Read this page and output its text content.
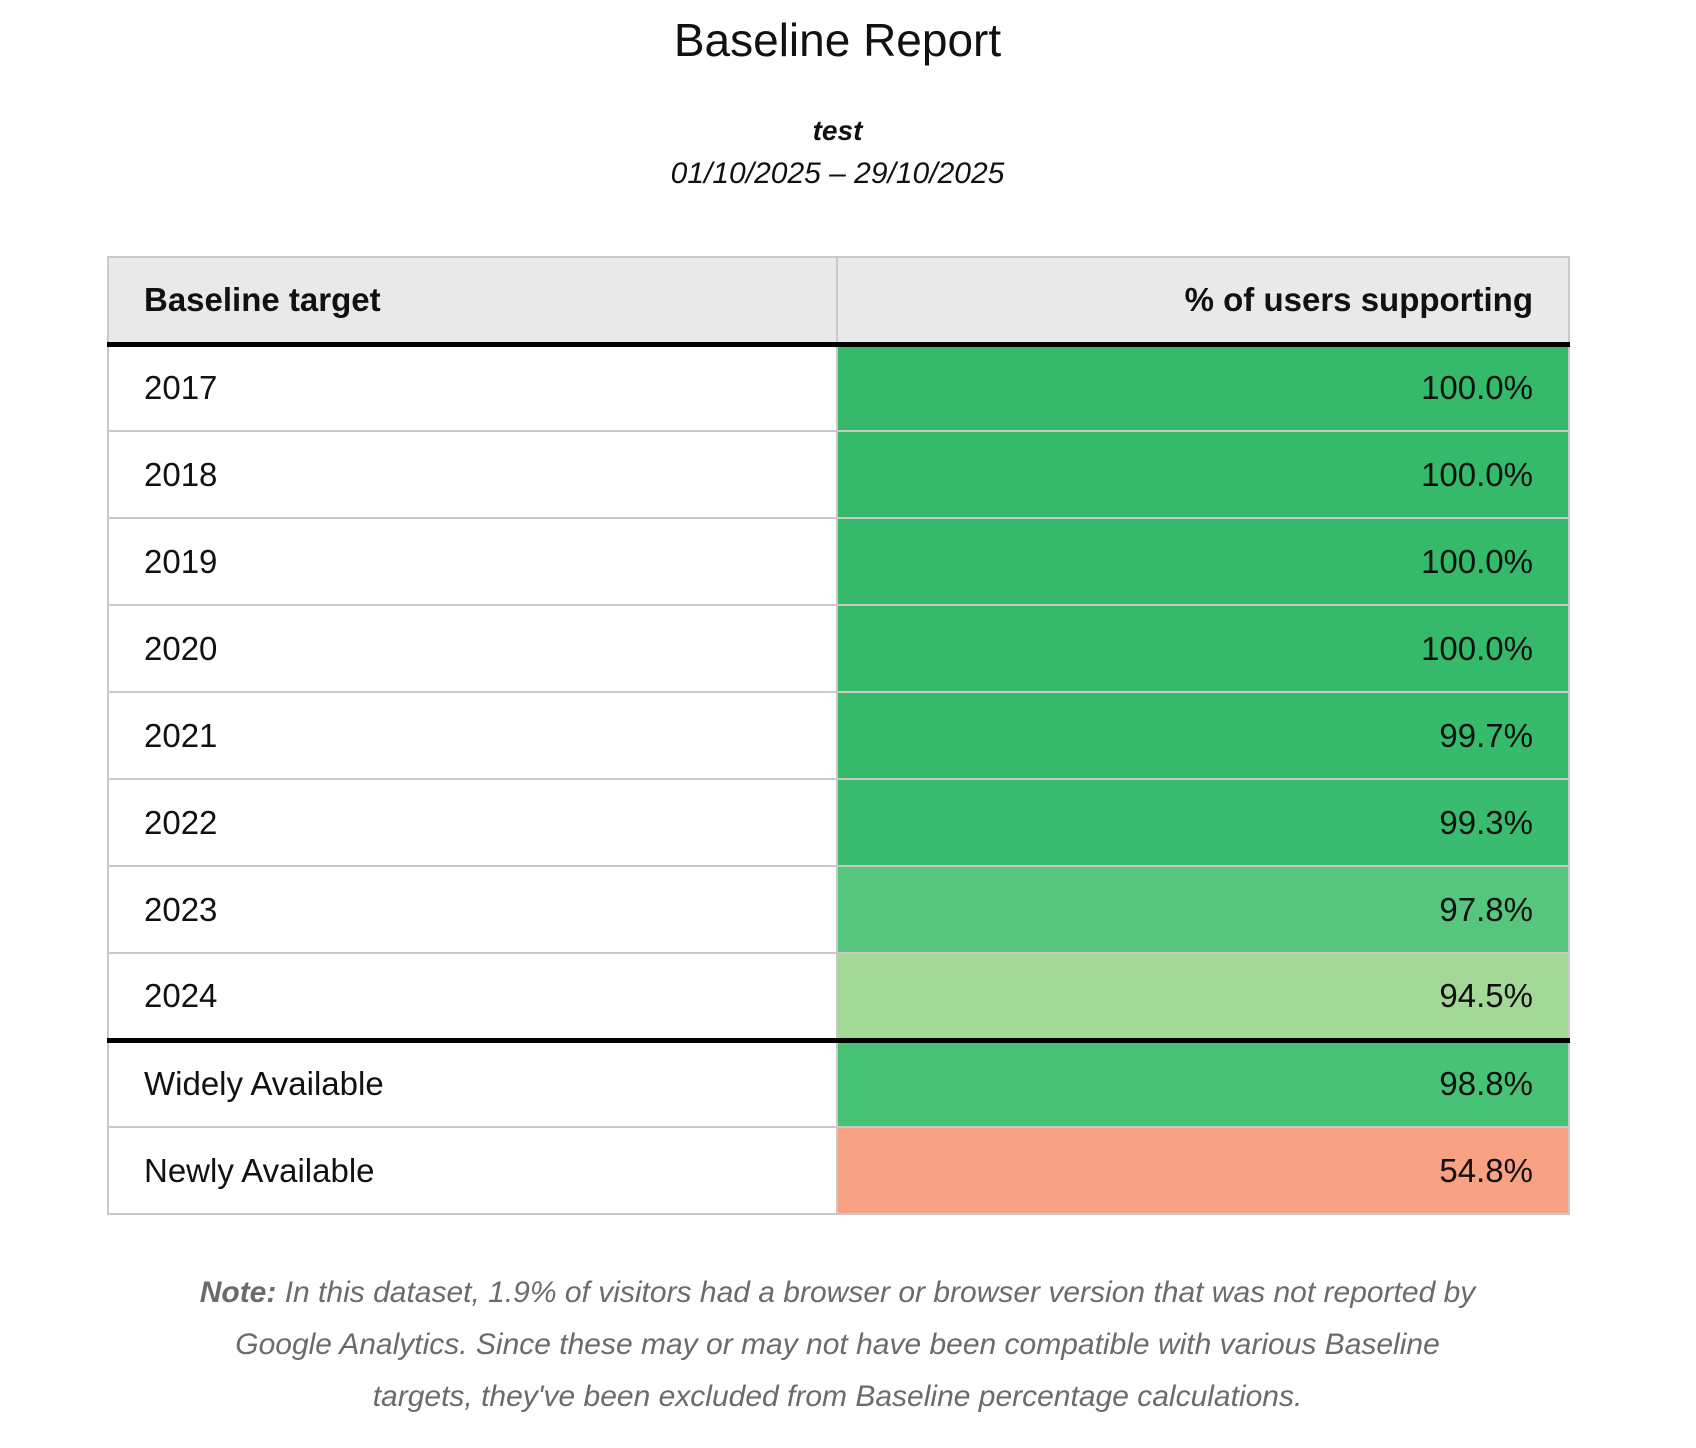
Baseline Report
test
01/10/2025 – 29/10/2025
Baseline target	% of users supporting
2017	100.0%
2018	100.0%
2019	100.0%
2020	100.0%
2021	99.7%
2022	99.3%
2023	97.8%
2024	94.5%
Widely Available	98.8%
Newly Available	54.8%

Note: In this dataset, 1.9% of visitors had a browser or browser version that was not reported by Google Analytics. Since these may or may not have been compatible with various Baseline targets, they've been excluded from Baseline percentage calculations.
